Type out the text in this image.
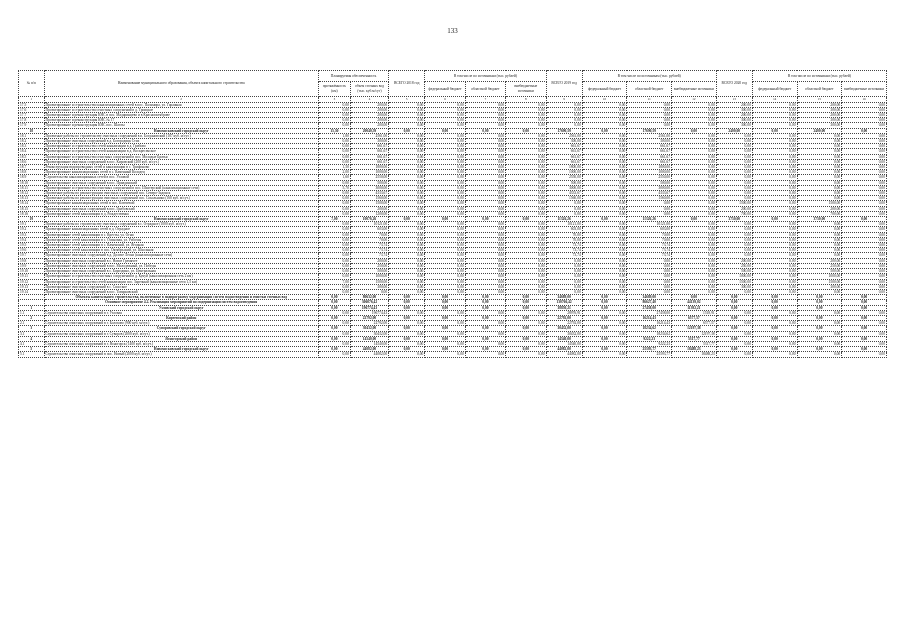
133
№ п/п	Наименование муниципального образования, объекта капитального строительства	Планируемая обеспеченность		ВСЕГО 2018 год	В том числе по источникам (тыс. рублей)			ВСЕГО 2019 год	В том числе по источникам (тыс. рублей)			ВСЕГО 2020 год	В том числе по источникам (тыс. рублей)		
		протяжённость (км)	объем сточных вод (тыс. куб.м/сут)		федеральный бюджет	областной бюджет	внебюджетные источники		федеральный бюджет	областной бюджет	внебюджетные источники		федеральный бюджет	областной бюджет	внебюджетные источники
1	2	3	4	5	6	7	8	9	10	11	12	13	14	15	16
17.5	Проектирование и строительство канализационных сетей в пос. Пальмира, ул. Гаражная	0,00	200,00	0,00	0,00	0,00	0,00	0,00	0,00	0,00	0,00	200,00	0,00	200,00	0,00
17.6	Проектирование и строительство очистных сооружений в д. Троицкое	0,00	200,00	0,00	0,00	0,00	0,00	0,00	0,00	0,00	0,00	300,00	0,00	300,00	0,00
17.7	Проектирование и реконструкция КНС в пос. Мадаринцево и в Краснооктяброве	0,00	200,00	0,00	0,00	0,00	0,00	0,00	0,00	0,00	0,00	200,00	0,00	200,00	0,00
17.8	Проектирование и реконструкция КНС № 17	0,00	200,00	0,00	0,00	0,00	0,00	0,00	0,00	0,00	0,00	300,00	0,00	300,00	0,00
17.9	Проектирование и реконструкция КНС пос. Шахты	0,00	200,00	0,00	0,00	0,00	0,00	0,00	0,00	0,00	0,00	300,00	0,00	300,00	0,00
18	Новомосковский городской округ	15,50	20040,59	0,00	0,00	0,00	0,00	17690,59	0,00	17690,59	0,00	2400,00	0,00	2400,00	0,00
18.1	Проектные работы по строительству очистных сооружений в п. Богдановский (107 куб. м/сут.)	1,80	2561,00	0,00	0,00	0,00	0,00	2561,00	0,00	2561,00	0,00	0,00	0,00	0,00	0,00
18.2	Проектирование очистных сооружений в д. Богородицк Стих	0,00	300,00	0,00	0,00	0,00	0,00	300,00	0,00	300,00	0,00	0,00	0,00	0,00	0,00
18.3	Проектирование и строительство сетей канализации в д. Грибово	0,00	661,67	0,00	0,00	0,00	0,00	661,67	0,00	661,67	0,00	0,00	0,00	0,00	0,00
18.4	Проектирование и строительство сетей канализации в д. Воскресенское	0,00	661,67	0,00	0,00	0,00	0,00	661,67	0,00	661,67	0,00	0,00	0,00	0,00	0,00
18.5	Проектирование и строительство очистных сооружений в пос. Молодые Братья	0,00	661,67	0,00	0,00	0,00	0,00	661,67	0,00	661,67	0,00	0,00	0,00	0,00	0,00
18.6	Проектирование очистных сооружений в пос. Кировский (200 куб. м/сут.)	0,00	661,67	0,00	0,00	0,00	0,00	661,67	0,00	661,67	0,00	0,00	0,00	0,00	0,00
18.7	Реконструкция водопроводных сетей и канализации в с. Трифоново	1,50	1800,00	0,00	0,00	0,00	0,00	1800,00	0,00	1800,00	0,00	0,00	0,00	0,00	0,00
18.8	Проектирование канализационных сетей в с. Каменный Колодец	2,00	1000,00	0,00	0,00	0,00	0,00	1000,00	0,00	1000,00	0,00	0,00	0,00	0,00	0,00
18.9	Строительство канализационных сетей в пос. Узловой	1,60	2550,00	0,00	0,00	0,00	0,00	2550,00	0,00	2550,00	0,00	0,00	0,00	0,00	0,00
18.10	Проектирование очистных сооружений в пос. Правдинский	0,00	500,00	0,00	0,00	0,00	0,00	500,00	0,00	500,00	0,00	0,00	0,00	0,00	0,00
18.11	Проектирование и строительство очистных сооружений в пос. Шахтерский (канализационные сети)	5,70	3000,00	0,00	0,00	0,00	0,00	3000,00	0,00	3000,00	0,00	0,00	0,00	0,00	0,00
18.12	Проектные работы по реконструкции очистных сооружений пос. Северо-Задонск	0,00	4333,67	0,00	0,00	0,00	0,00	4333,67	0,00	4333,67	0,00	0,00	0,00	0,00	0,00
18.13	Проектные работы по реконструкции очистных сооружений пос. Сокольники (160 куб. м/сут.)	0,00	1560,00	0,00	0,00	0,00	0,00	1560,00	0,00	1560,00	0,00	0,00	0,00	0,00	0,00
18.14	Проектирование канализационных сетей в пос. Ключевой	0,00	1500,00	0,00	0,00	0,00	0,00	0,00	0,00	0,00	0,00	1500,00	0,00	1500,00	0,00
18.15	Проектирование очистных сооружений в пос. Грибовский	0,00	200,00	0,00	0,00	0,00	0,00	0,00	0,00	0,00	0,00	200,00	0,00	200,00	0,00
18.16	Проектирование сетей канализации в д. Рождественка	0,00	1200,00	0,00	0,00	0,00	0,00	0,00	0,00	0,00	0,00	700,00	0,00	700,00	0,00
19	Новомосковский городской округ	7,00	10076,26	0,00	0,00	0,00	0,00	11326,26	0,00	11326,26	0,00	3750,00	0,00	3750,00	0,00
19.1	Проектные работы по строительству очистных сооружений в с. Отрадное (1000 куб. м/сут.)	0,00	10121,00	0,00	0,00	0,00	0,00	10121,00	0,00	10121,00	0,00	0,00	0,00	0,00	0,00
19.2	Проектирование канализационных сетей в д. Отрадное	0,00	603,00	0,00	0,00	0,00	0,00	603,00	0,00	603,00	0,00	0,00	0,00	0,00	0,00
19.3	Проектирование сетей канализации в с. Кресты, ул. Огни	0,00	70,00	0,00	0,00	0,00	0,00	70,00	0,00	70,00	0,00	0,00	0,00	0,00	0,00
19.4	Проектирование сетей канализации в с. Осиновая, ул. Рабочая	0,00	70,00	0,00	0,00	0,00	0,00	70,00	0,00	70,00	0,00	0,00	0,00	0,00	0,00
19.5	Проектирование сетей канализации в с. Каменский, ул. Ягодная	0,00	73,74	0,00	0,00	0,00	0,00	73,74	0,00	73,74	0,00	0,00	0,00	0,00	0,00
19.6	Проектирование сетей канализации в пос. Октябрьский, ул. Школьная	0,00	73,74	0,00	0,00	0,00	0,00	73,74	0,00	73,74	0,00	0,00	0,00	0,00	0,00
19.7	Проектирование очистных сооружений в д. Долгие Лески (канализационные сети)	0,00	73,74	0,00	0,00	0,00	0,00	73,74	0,00	73,74	0,00	0,00	0,00	0,00	0,00
19.8	Проектирование очистных сооружений в с. Новое Гремячее	0,00	200,00	0,00	0,00	0,00	0,00	0,00	0,00	0,00	0,00	200,00	0,00	200,00	0,00
19.9	Проектирование очистных сооружений в пос. Молодежный, ул. Победы	0,00	250,00	0,00	0,00	0,00	0,00	0,00	0,00	0,00	0,00	250,00	0,00	250,00	0,00
19.10	Проектирование очистных сооружений в с. Бороздино, ул. Центральная	0,00	500,00	0,00	0,00	0,00	0,00	0,00	0,00	0,00	0,00	500,00	0,00	500,00	0,00
19.11	Проектирование и строительство очистных сооружений в д. Кукуй (канализационная сеть 2 км)	0,00	1000,00	0,00	0,00	0,00	0,00	0,00	0,00	0,00	0,00	1000,00	0,00	1000,00	0,00
19.12	Проектирование и строительство сетей канализации пос. Заречный (канализационные сети 1,5 км)	7,00	1500,00	0,00	0,00	0,00	0,00	0,00	0,00	0,00	0,00	1500,00	0,00	1500,00	0,00
19.13	Проектирование очистных сооружений в с. Спасское	0,00	300,00	0,00	0,00	0,00	0,00	0,00	0,00	0,00	0,00	300,00	0,00	300,00	0,00
19.14	Проектирование очистных сооружений в пос. Товарковский	0,00	0,00	0,00	0,00	0,00	0,00	0,00	0,00	0,00	0,00	0,00	0,00	0,00	0,00
	Объекты капитального строительства, включенные в подпрограмму модернизации систем водоотведения и очистки сточных вод	0,00	80632,00	0,00	0,00	0,00	0,00	34689,00	0,00	34689,00	0,00	0,00	0,00	0,00	0,00
	Основное мероприятие 4.2. Реализация мероприятий по модернизации систем водоотведения	0,00	306076,42	0,00	0,00	0,00	0,00	130766,42	0,00	86627,40	44139,02	0,00	0,00	0,00	0,00
1	Узловский городской округ	0,00	196774,43	0,00	0,00	0,00	0,00	38850,21	0,00	27458,00	11392,21	0,00	0,00	0,00	0,00
1.1	Строительство очистных сооружений в г. Узловая	0,00	196774,43	0,00	0,00	0,00	0,00	28976,91	0,00	27458,00	1518,91	0,00	0,00	0,00	0,00
2	Киреевский район	0,00	22792,00	0,00	0,00	0,00	0,00	22792,00	0,00	16214,43	6577,57	0,00	0,00	0,00	0,00
2.1	Строительство очистных сооружений в г. Болохово (900 куб. м/сут.)	0,00	22792,00	0,00	0,00	0,00	0,00	22792,00	0,00	16214,43	6577,57	0,00	0,00	0,00	0,00
3	Суворовский городской округ	0,00	30432,00	0,00	0,00	0,00	0,00	30432,00	0,00	18234,62	12197,38	0,00	0,00	0,00	0,00
3.1	Строительство очистных сооружений в г. Суворов (2000 куб. м/сут.)	0,00	30432,00	0,00	0,00	0,00	0,00	30432,00	0,00	18234,62	12197,38	0,00	0,00	0,00	0,00
4	Ясногорский район	0,00	14540,00	0,00	0,00	0,00	0,00	14540,00	0,00	9222,23	5317,77	0,00	0,00	0,00	0,00
4.1	Строительство очистных сооружений в г. Ясногорск (1400 куб. м/сут.)	0,00	14540,00	0,00	0,00	0,00	0,00	14540,00	0,00	9222,23	5317,77	0,00	0,00	0,00	0,00
5	Новомосковский городской округ	0,00	44082,00	0,00	0,00	0,00	0,00	44082,00	0,00	25593,77	18488,23	0,00	0,00	0,00	0,00
5.1	Строительство очистных сооружений в пос. Новый (2000 куб. м/сут.)	0,00	44082,00	0,00	0,00	0,00	0,00	44082,00	0,00	25593,77	18488,23	0,00	0,00	0,00	0,00
